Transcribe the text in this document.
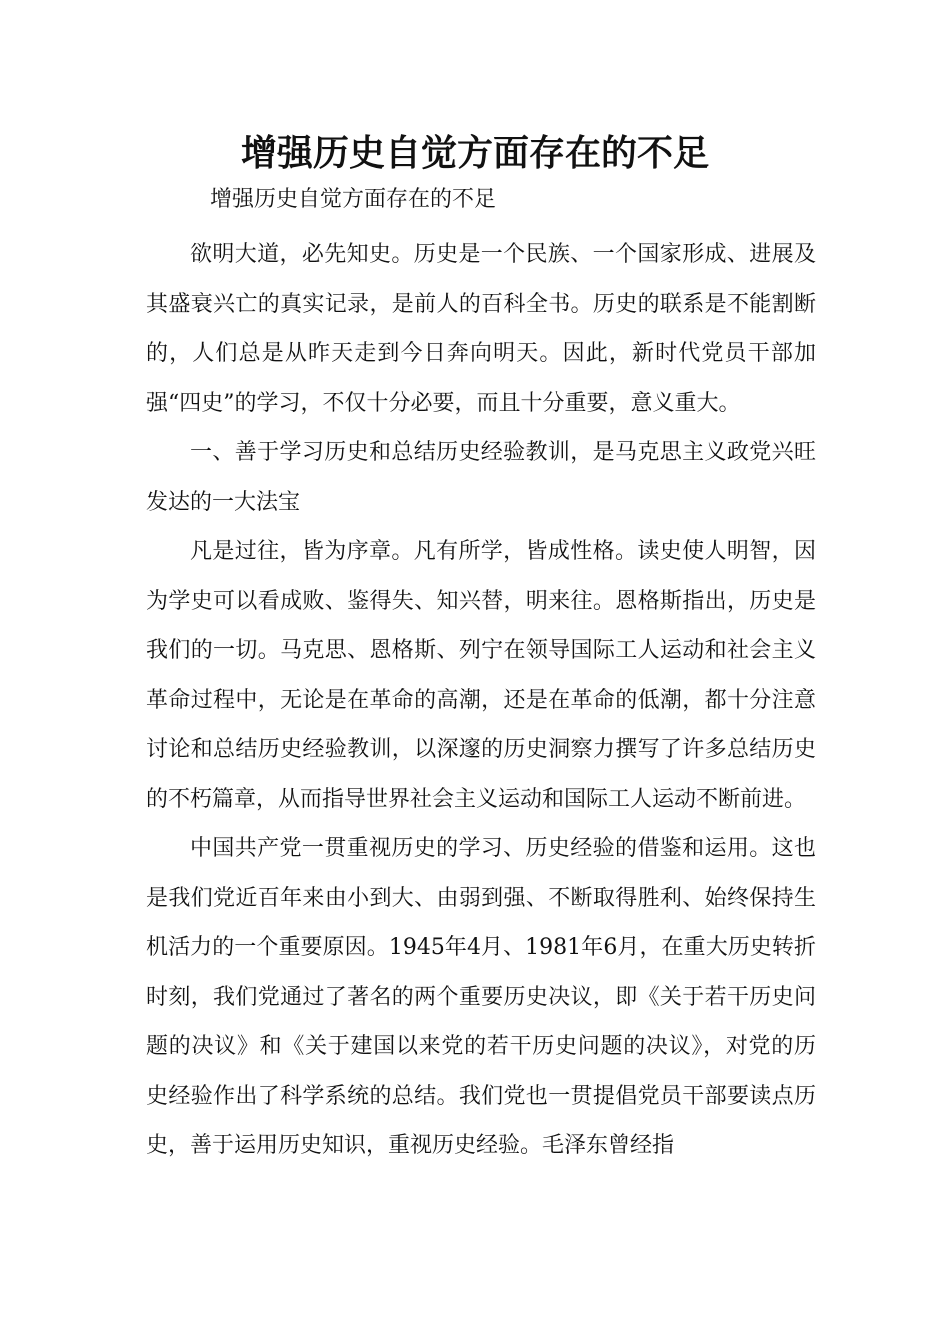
增强历史自觉方面存在的不足

增强历史自觉方面存在的不足

欲明大道，必先知史。历史是一个民族、一个国家形成、进展及其盛衰兴亡的真实记录，是前人的百科全书。历史的联系是不能割断的，人们总是从昨天走到今日奔向明天。因此，新时代党员干部加强“四史”的学习，不仅十分必要，而且十分重要，意义重大。

一、善于学习历史和总结历史经验教训，是马克思主义政党兴旺发达的一大法宝

凡是过往，皆为序章。凡有所学，皆成性格。读史使人明智，因为学史可以看成败、鉴得失、知兴替，明来往。恩格斯指出，历史是我们的一切。马克思、恩格斯、列宁在领导国际工人运动和社会主义革命过程中，无论是在革命的高潮，还是在革命的低潮，都十分注意讨论和总结历史经验教训，以深邃的历史洞察力撰写了许多总结历史的不朽篇章，从而指导世界社会主义运动和国际工人运动不断前进。

中国共产党一贯重视历史的学习、历史经验的借鉴和运用。这也是我们党近百年来由小到大、由弱到强、不断取得胜利、始终保持生机活力的一个重要原因。1945年4月、1981年6月，在重大历史转折时刻，我们党通过了著名的两个重要历史决议，即《关于若干历史问题的决议》和《关于建国以来党的若干历史问题的决议》，对党的历史经验作出了科学系统的总结。我们党也一贯提倡党员干部要读点历史，善于运用历史知识，重视历史经验。毛泽东曾经指
